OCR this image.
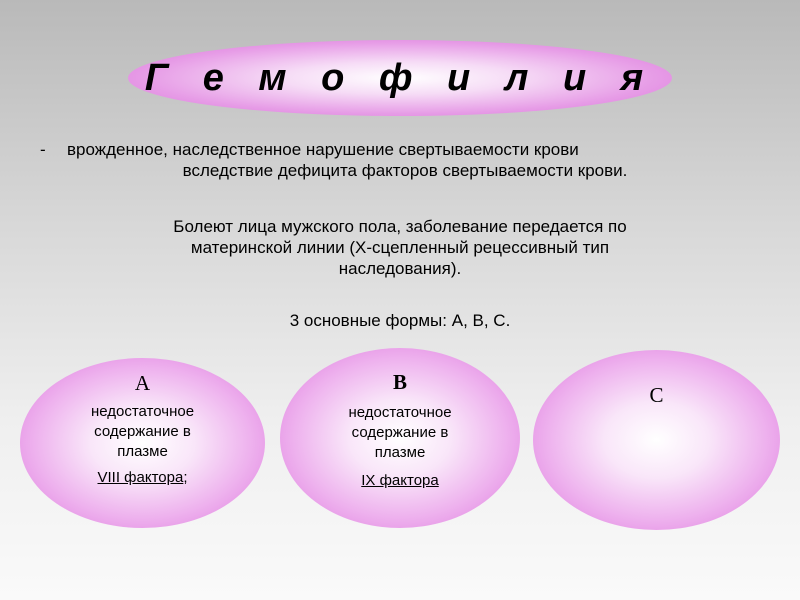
Г е м о ф и л и я
-	врожденное, наследственное нарушение свертываемости крови
вследствие дефицита факторов свертываемости крови.
Болеют лица мужского пола, заболевание передается по
материнской линии (Х-сцепленный рецессивный тип
наследования).
3 основные формы: А, В, С.
А
недостаточное
содержание в
плазме
VIII фактора;
В
недостаточное
содержание в
плазме
IX фактора
С
